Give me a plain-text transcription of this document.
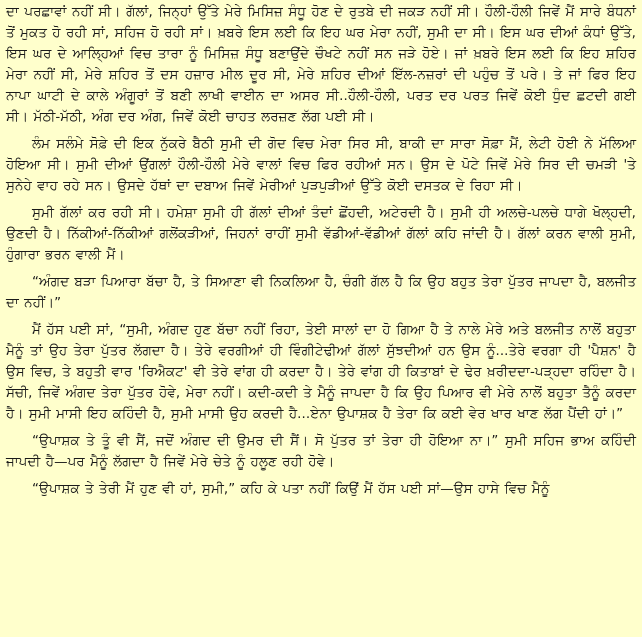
ਦਾ ਪਰਛਾਵਾਂ ਨਹੀਂ ਸੀ। ਗੱਲਾਂ, ਜਿਨ੍ਹਾਂ ਉੱਤੇ ਮੇਰੇ ਮਿਸਿਜ਼ ਸੰਧੂ ਹੋਣ ਦੇ ਰੁਤਬੇ ਦੀ ਜਕੜ ਨਹੀਂ ਸੀ। ਹੌਲੀ-ਹੌਲੀ ਜਿਵੇਂ ਮੈਂ ਸਾਰੇ ਬੰਧਨਾਂ ਤੋਂ ਮੁਕਤ ਹੋ ਰਹੀ ਸਾਂ, ਸਹਿਜ ਹੋ ਰਹੀ ਸਾਂ। ਖ਼ਬਰੇ ਇਸ ਲਈ ਕਿ ਇਹ ਘਰ ਮੇਰਾ ਨਹੀਂ, ਸੁਮੀ ਦਾ ਸੀ। ਇਸ ਘਰ ਦੀਆਂ ਕੰਧਾਂ ਉੱਤੇ, ਇਸ ਘਰ ਦੇ ਆਲ੍ਹਿਆਂ ਵਿਚ ਤਾਰਾ ਨੂੰ ਮਿਸਿਜ਼ ਸੰਧੂ ਬਣਾਉਂਦੇ ਚੌਖਟੇ ਨਹੀਂ ਸਨ ਜੜੇ ਹੋਏ। ਜਾਂ ਖ਼ਬਰੇ ਇਸ ਲਈ ਕਿ ਇਹ ਸ਼ਹਿਰ ਮੇਰਾ ਨਹੀਂ ਸੀ, ਮੇਰੇ ਸ਼ਹਿਰ ਤੋਂ ਦਸ ਹਜ਼ਾਰ ਮੀਲ ਦੂਰ ਸੀ, ਮੇਰੇ ਸ਼ਹਿਰ ਦੀਆਂ ਇੱਲ-ਨਜ਼ਰਾਂ ਦੀ ਪਹੁੰਚ ਤੋਂ ਪਰੇ। ਤੇ ਜਾਂ ਫਿਰ ਇਹ ਨਾਪਾ ਘਾਟੀ ਦੇ ਕਾਲੇ ਅੰਗੂਰਾਂ ਤੋਂ ਬਣੀ ਲਾਖੀ ਵਾਈਨ ਦਾ ਅਸਰ ਸੀ..ਹੌਲੀ-ਹੌਲੀ, ਪਰਤ ਦਰ ਪਰਤ ਜਿਵੇਂ ਕੋਈ ਧੁੰਦ ਛਟਦੀ ਗਈ ਸੀ। ਮੱਠੀ-ਮੱਠੀ, ਅੰਗ ਦਰ ਅੰਗ, ਜਿਵੇਂ ਕੋਈ ਚਾਹਤ ਲਰਜ਼ਣ ਲੱਗ ਪਈ ਸੀ।

ਲੰਮ ਸਲੰਮੇ ਸੋਫ਼ੇ ਦੀ ਇਕ ਨੁੱਕਰੇ ਬੈਠੀ ਸੁਮੀ ਦੀ ਗੋਦ ਵਿਚ ਮੇਰਾ ਸਿਰ ਸੀ, ਬਾਕੀ ਦਾ ਸਾਰਾ ਸੋਫ਼ਾ ਮੈਂ, ਲੇਟੀ ਹੋਈ ਨੇ ਮੱਲਿਆ ਹੋਇਆ ਸੀ। ਸੁਮੀ ਦੀਆਂ ਉਂਗਲਾਂ ਹੌਲੀ-ਹੌਲੀ ਮੇਰੇ ਵਾਲਾਂ ਵਿਚ ਫਿਰ ਰਹੀਆਂ ਸਨ। ਉਸ ਦੇ ਪੋਟੇ ਜਿਵੇਂ ਮੇਰੇ ਸਿਰ ਦੀ ਚਮੜੀ 'ਤੇ ਸੁਨੇਹੇ ਵਾਹ ਰਹੇ ਸਨ। ਉਸਦੇ ਹੱਥਾਂ ਦਾ ਦਬਾਅ ਜਿਵੇਂ ਮੇਰੀਆਂ ਪੁੜਪੁੜੀਆਂ ਉੱਤੇ ਕੋਈ ਦਸਤਕ ਦੇ ਰਿਹਾ ਸੀ।

ਸੁਮੀ ਗੱਲਾਂ ਕਰ ਰਹੀ ਸੀ। ਹਮੇਸ਼ਾ ਸੁਮੀ ਹੀ ਗੱਲਾਂ ਦੀਆਂ ਤੰਦਾਂ ਛੋਂਹਦੀ, ਅਟੇਰਦੀ ਹੈ। ਸੁਮੀ ਹੀ ਅਲਚੇ-ਪਲਚੇ ਧਾਗੇ ਖੋਲ੍ਹਦੀ, ਉਣਦੀ ਹੈ। ਨਿੱਕੀਆਂ-ਨਿੱਕੀਆਂ ਗਲੋਂਕੜੀਆਂ, ਜਿਹਨਾਂ ਰਾਹੀਂ ਸੁਮੀ ਵੱਡੀਆਂ-ਵੱਡੀਆਂ ਗੱਲਾਂ ਕਹਿ ਜਾਂਦੀ ਹੈ। ਗੱਲਾਂ ਕਰਨ ਵਾਲੀ ਸੁਮੀ, ਹੁੰਗਾਰਾ ਭਰਨ ਵਾਲੀ ਮੈਂ।

“ਅੰਗਦ ਬੜਾ ਪਿਆਰਾ ਬੱਚਾ ਹੈ, ਤੇ ਸਿਆਣਾ ਵੀ ਨਿਕਲਿਆ ਹੈ, ਚੰਗੀ ਗੱਲ ਹੈ ਕਿ ਉਹ ਬਹੁਤ ਤੇਰਾ ਪੁੱਤਰ ਜਾਪਦਾ ਹੈ, ਬਲਜੀਤ ਦਾ ਨਹੀਂ।”

ਮੈਂ ਹੱਸ ਪਈ ਸਾਂ, “ਸੁਮੀ, ਅੰਗਦ ਹੁਣ ਬੱਚਾ ਨਹੀਂ ਰਿਹਾ, ਤੇਈ ਸਾਲਾਂ ਦਾ ਹੋ ਗਿਆ ਹੈ ਤੇ ਨਾਲੇ ਮੇਰੇ ਅਤੇ ਬਲਜੀਤ ਨਾਲੋਂ ਬਹੁਤਾ ਮੈਨੂੰ ਤਾਂ ਉਹ ਤੇਰਾ ਪੁੱਤਰ ਲੱਗਦਾ ਹੈ। ਤੇਰੇ ਵਰਗੀਆਂ ਹੀ ਵਿੰਗੀਟੇਢੀਆਂ ਗੱਲਾਂ ਸੁੱਝਦੀਆਂ ਹਨ ਉਸ ਨੂੰ...ਤੇਰੇ ਵਰਗਾ ਹੀ 'ਪੈਸ਼ਨ' ਹੈ ਉਸ ਵਿਚ, ਤੇ ਬਹੁਤੀ ਵਾਰ 'ਰਿਐਕਟ' ਵੀ ਤੇਰੇ ਵਾਂਗ ਹੀ ਕਰਦਾ ਹੈ। ਤੇਰੇ ਵਾਂਗ ਹੀ ਕਿਤਾਬਾਂ ਦੇ ਢੇਰ ਖ਼ਰੀਦਦਾ-ਪੜ੍ਹਦਾ ਰਹਿੰਦਾ ਹੈ। ਸੱਚੀ, ਜਿਵੇਂ ਅੰਗਦ ਤੇਰਾ ਪੁੱਤਰ ਹੋਵੇ, ਮੇਰਾ ਨਹੀਂ। ਕਦੀ-ਕਦੀ ਤੇ ਮੈਨੂੰ ਜਾਪਦਾ ਹੈ ਕਿ ਉਹ ਪਿਆਰ ਵੀ ਮੇਰੇ ਨਾਲੋਂ ਬਹੁਤਾ ਤੈਨੂੰ ਕਰਦਾ ਹੈ। ਸੁਮੀ ਮਾਸੀ ਇਹ ਕਹਿੰਦੀ ਹੈ, ਸੁਮੀ ਮਾਸੀ ਉਹ ਕਰਦੀ ਹੈ...ਏਨਾ ਉਪਾਸ਼ਕ ਹੈ ਤੇਰਾ ਕਿ ਕਈ ਵੇਰ ਖਾਰ ਖਾਣ ਲੱਗ ਪੈਂਦੀ ਹਾਂ।”

“ਉਪਾਸ਼ਕ ਤੇ ਤੂੰ ਵੀ ਸੈਂ, ਜਦੋਂ ਅੰਗਦ ਦੀ ਉਮਰ ਦੀ ਸੈਂ। ਸੋ ਪੁੱਤਰ ਤਾਂ ਤੇਰਾ ਹੀ ਹੋਇਆ ਨਾ।” ਸੁਮੀ ਸਹਿਜ ਭਾਅ ਕਹਿੰਦੀ ਜਾਪਦੀ ਹੈ—ਪਰ ਮੈਨੂੰ ਲੱਗਦਾ ਹੈ ਜਿਵੇਂ ਮੇਰੇ ਚੇਤੇ ਨੂੰ ਹਲੂਣ ਰਹੀ ਹੋਵੇ।

“ਉਪਾਸ਼ਕ ਤੇ ਤੇਰੀ ਮੈਂ ਹੁਣ ਵੀ ਹਾਂ, ਸੁਮੀ,” ਕਹਿ ਕੇ ਪਤਾ ਨਹੀਂ ਕਿਉਂ ਮੈਂ ਹੱਸ ਪਈ ਸਾਂ—ਉਸ ਹਾਸੇ ਵਿਚ ਮੈਨੂੰ
